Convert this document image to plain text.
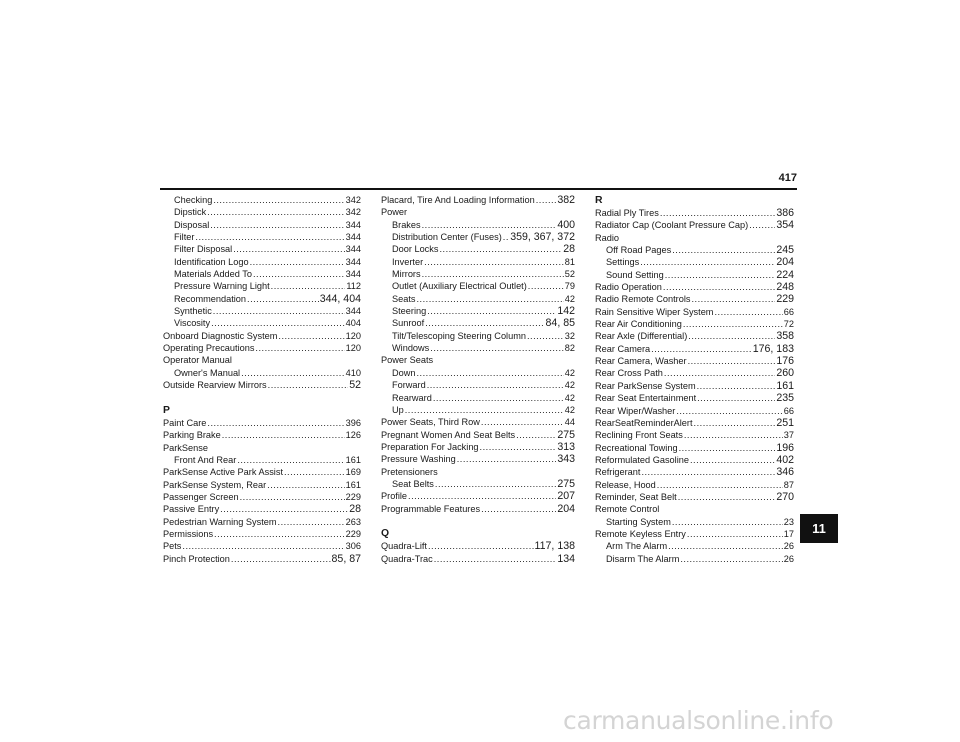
417
Checking .....	342
Dipstick .....	342
Disposal .....	344
Filter .....	344
Filter Disposal .....	344
Identification Logo .....	344
Materials Added To .....	344
Pressure Warning Light .....	112
Recommendation .....	344, 404
Synthetic .....	344
Viscosity .....	404
Onboard Diagnostic System .....	120
Operating Precautions .....	120
Operator Manual
Owner's Manual .....	410
Outside Rearview Mirrors .....	52
P
Paint Care .....	396
Parking Brake .....	126
ParkSense
Front And Rear .....	161
ParkSense Active Park Assist .....	169
ParkSense System, Rear .....	161
Passenger Screen .....	229
Passive Entry .....	28
Pedestrian Warning System .....	263
Permissions .....	229
Pets .....	306
Pinch Protection .....	85, 87
Placard, Tire And Loading Information ..... 382
Power
Brakes .....	400
Distribution Center (Fuses) ..... 359, 367, 372
Door Locks .....	28
Inverter .....	81
Mirrors .....	52
Outlet (Auxiliary Electrical Outlet) .....	79
Seats .....	42
Steering .....	142
Sunroof .....	84, 85
Tilt/Telescoping Steering Column .....	32
Windows .....	82
Power Seats
Down .....	42
Forward .....	42
Rearward .....	42
Up .....	42
Power Seats, Third Row .....	44
Pregnant Women And Seat Belts .....	275
Preparation For Jacking .....	313
Pressure Washing .....	343
Pretensioners
Seat Belts .....	275
Profile .....	207
Programmable Features .....	204
Q
Quadra-Lift .....	117, 138
Quadra-Trac .....	134
R
Radial Ply Tires .....	386
Radiator Cap (Coolant Pressure Cap) .....	354
Radio
Off Road Pages .....	245
Settings .....	204
Sound Setting .....	224
Radio Operation .....	248
Radio Remote Controls .....	229
Rain Sensitive Wiper System .....	66
Rear Air Conditioning .....	72
Rear Axle (Differential) .....	358
Rear Camera .....	176, 183
Rear Camera, Washer .....	176
Rear Cross Path .....	260
Rear ParkSense System .....	161
Rear Seat Entertainment .....	235
Rear Wiper/Washer .....	66
RearSeatReminderAlert .....	251
Reclining Front Seats .....	37
Recreational Towing .....	196
Reformulated Gasoline .....	402
Refrigerant .....	346
Release, Hood .....	87
Reminder, Seat Belt .....	270
Remote Control
Starting System .....	23
Remote Keyless Entry .....	17
Arm The Alarm .....	26
Disarm The Alarm .....	26
11
carmanualsonline.info
